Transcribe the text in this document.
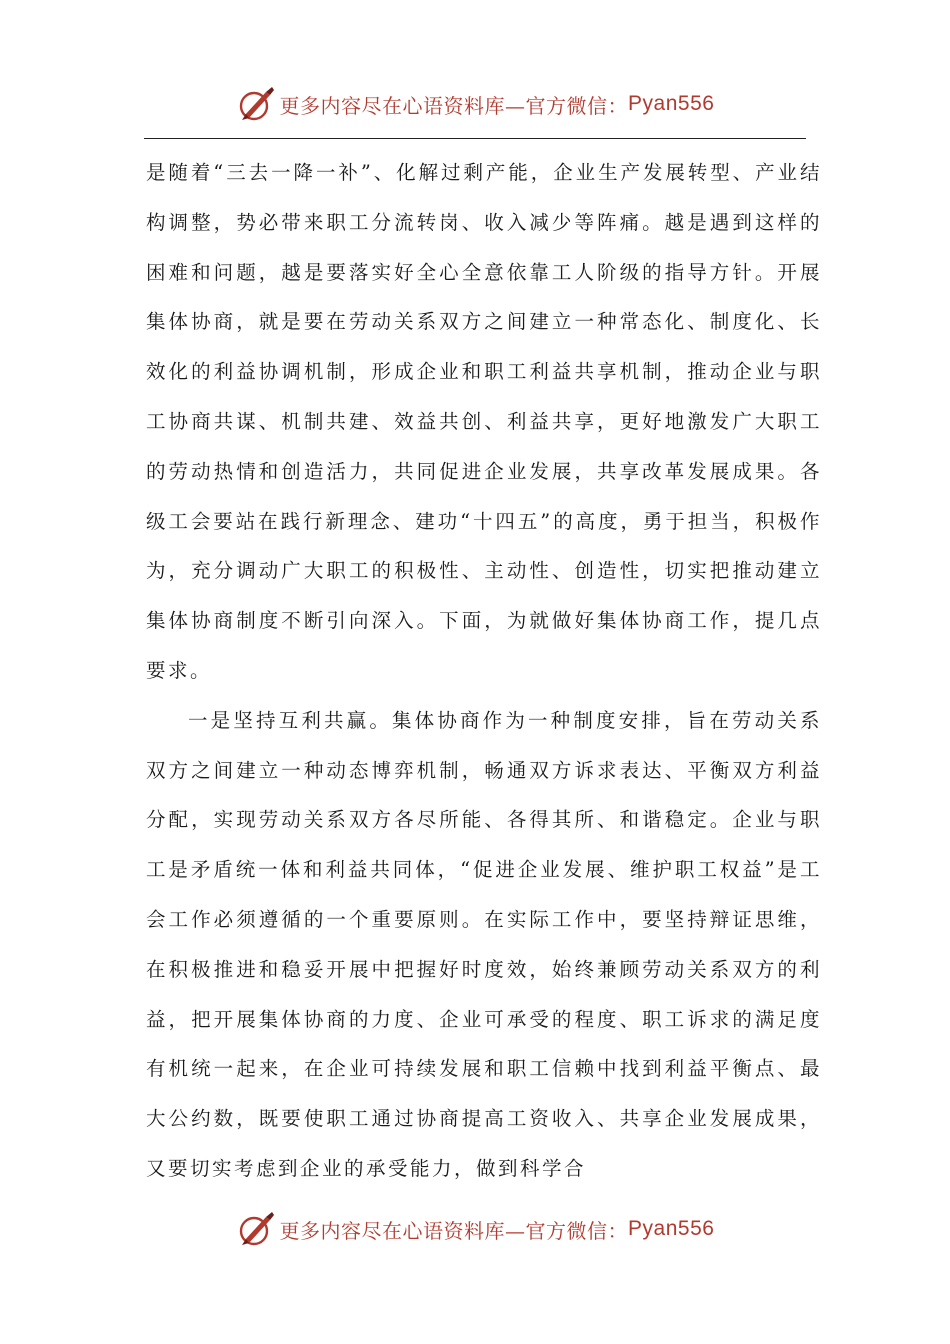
更多内容尽在心语资料库—官方微信： Pyan556

是随着“三去一降一补”、化解过剩产能，企业生产发展转型、产业结构调整，势必带来职工分流转岗、收入减少等阵痛。越是遇到这样的困难和问题，越是要落实好全心全意依靠工人阶级的指导方针。开展集体协商，就是要在劳动关系双方之间建立一种常态化、制度化、长效化的利益协调机制，形成企业和职工利益共享机制，推动企业与职工协商共谋、机制共建、效益共创、利益共享，更好地激发广大职工的劳动热情和创造活力，共同促进企业发展，共享改革发展成果。各级工会要站在践行新理念、建功“十四五”的高度，勇于担当，积极作为，充分调动广大职工的积极性、主动性、创造性，切实把推动建立集体协商制度不断引向深入。下面，为就做好集体协商工作，提几点要求。

一是坚持互利共赢。集体协商作为一种制度安排，旨在劳动关系双方之间建立一种动态博弈机制，畅通双方诉求表达、平衡双方利益分配，实现劳动关系双方各尽所能、各得其所、和谐稳定。企业与职工是矛盾统一体和利益共同体，“促进企业发展、维护职工权益”是工会工作必须遵循的一个重要原则。在实际工作中，要坚持辩证思维，在积极推进和稳妥开展中把握好时度效，始终兼顾劳动关系双方的利益，把开展集体协商的力度、企业可承受的程度、职工诉求的满足度有机统一起来，在企业可持续发展和职工信赖中找到利益平衡点、最大公约数，既要使职工通过协商提高工资收入、共享企业发展成果，又要切实考虑到企业的承受能力，做到科学合

更多内容尽在心语资料库—官方微信： Pyan556
